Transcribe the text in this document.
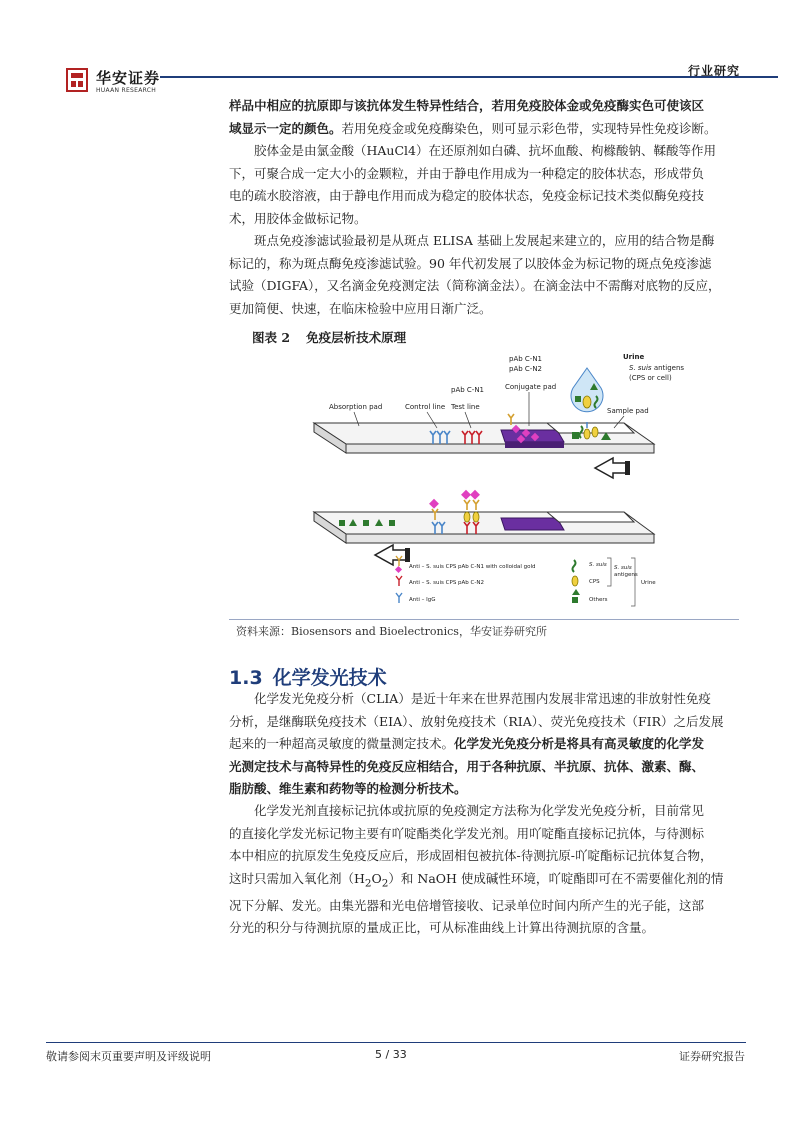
华安证券
HUAAN RESEARCH
行业研究
样品中相应的抗原即与该抗体发生特异性结合，若用免疫胶体金或免疫酶实色可使该区
域显示一定的颜色。若用免疫金或免疫酶染色，则可显示彩色带，实现特异性免疫诊断。
胶体金是由氯金酸（HAuCl4）在还原剂如白磷、抗坏血酸、枸橼酸钠、鞣酸等作用
下，可聚合成一定大小的金颗粒，并由于静电作用成为一种稳定的胶体状态，形成带负
电的疏水胶溶液，由于静电作用而成为稳定的胶体状态，免疫金标记技术类似酶免疫技
术，用胶体金做标记物。
斑点免疫渗滤试验最初是从斑点 ELISA 基础上发展起来建立的，应用的结合物是酶
标记的，称为斑点酶免疫渗滤试验。90 年代初发展了以胶体金为标记物的斑点免疫渗滤
试验（DIGFA），又名滴金免疫测定法（简称滴金法）。在滴金法中不需酶对底物的反应，
更加简便、快速，在临床检验中应用日渐广泛。
图表 2 免疫层析技术原理
Absorption pad	Control line
pAb C-N1
Test line
pAb C-N1
pAb C-N2
Conjugate pad
Urine
S. suis antigens
(CPS or cell)
Sample pad
Anti – S. suis CPS pAb C-N1 with colloidal gold
Anti – S. suis CPS pAb C-N2
Anti – IgG
S. suis
CPS
Others
S. suis
antigens
Urine
资料来源：Biosensors and Bioelectronics，华安证券研究所
1.3 化学发光技术
化学发光免疫分析（CLIA）是近十年来在世界范围内发展非常迅速的非放射性免疫
分析，是继酶联免疫技术（EIA）、放射免疫技术（RIA）、荧光免疫技术（FIR）之后发展
起来的一种超高灵敏度的微量测定技术。化学发光免疫分析是将具有高灵敏度的化学发
光测定技术与高特异性的免疫反应相结合，用于各种抗原、半抗原、抗体、激素、酶、
脂肪酸、维生素和药物等的检测分析技术。
化学发光剂直接标记抗体或抗原的免疫测定方法称为化学发光免疫分析，目前常见
的直接化学发光标记物主要有吖啶酯类化学发光剂。用吖啶酯直接标记抗体，与待测标
本中相应的抗原发生免疫反应后，形成固相包被抗体-待测抗原-吖啶酯标记抗体复合物，
这时只需加入氧化剂$(H_2O_2)$和 NaOH 使成碱性环境，吖啶酯即可在不需要催化剂的情
况下分解、发光。由集光器和光电倍增管接收、记录单位时间内所产生的光子能，这部
分光的积分与待测抗原的量成正比，可从标准曲线上计算出待测抗原的含量。
敬请参阅末页重要声明及评级说明	5 / 33	证券研究报告
